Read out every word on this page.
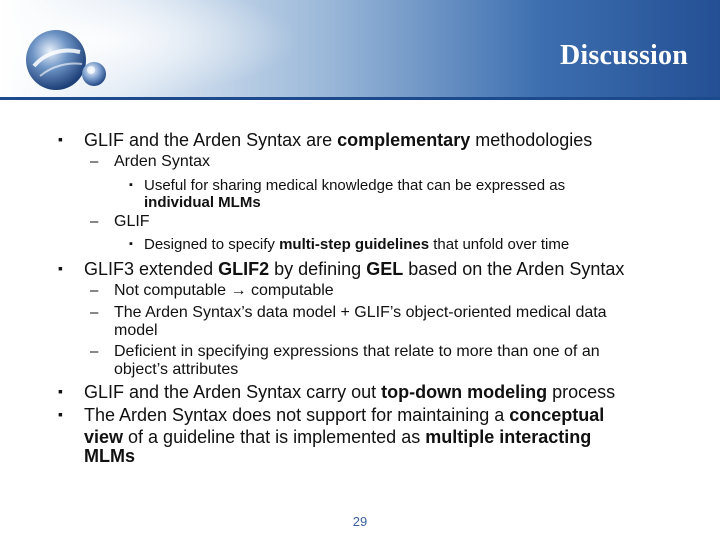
Discussion
▪ GLIF and the Arden Syntax are complementary methodologies
– Arden Syntax
▪ Useful for sharing medical knowledge that can be expressed as
individual MLMs
– GLIF
▪ Designed to specify multi-step guidelines that unfold over time
▪ GLIF3 extended GLIF2 by defining GEL based on the Arden Syntax
– Not computable → computable
– The Arden Syntax’s data model + GLIF’s object-oriented medical data
model
– Deficient in specifying expressions that relate to more than one of an
object’s attributes
▪ GLIF and the Arden Syntax carry out top-down modeling process
▪ The Arden Syntax does not support for maintaining a conceptual
view of a guideline that is implemented as multiple interacting
MLMs
29
